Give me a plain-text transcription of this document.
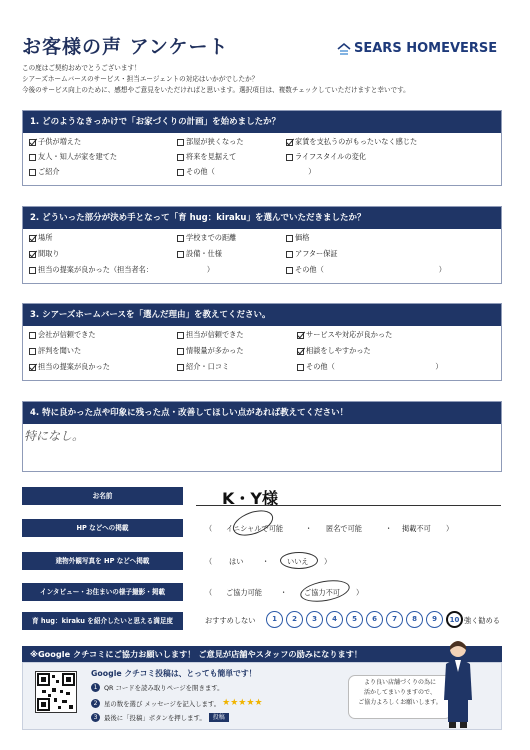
お客様の声 アンケート	SEARS HOMEVERSE
この度はご契約おめでとうございます！
シアーズホームバースのサービス・担当エージェントの対応はいかがでしたか？
今後のサービス向上のために、感想やご意見をいただければと思います。選択項目は、複数チェックしていただけますと幸いです。
1. どのようなきっかけで「お家づくりの計画」を始めましたか？
子供が増えた	部屋が狭くなった	家賃を支払うのがもったいなく感じた
友人・知人が家を建てた	将来を見据えて	ライフスタイルの変化
ご紹介	その他（　　　　　　　　　　　　　）
2. どういった部分が決め手となって「育 hug：kiraku」を選んでいただきましたか？
場所	学校までの距離	価格
間取り	設備・仕様	アフター保証
担当の提案が良かった（担当者名：　　　　　　　　）	その他（　　　　　　　　　　　　　　　　）
3. シアーズホームバースを「選んだ理由」を教えてください。
会社が信頼できた	担当が信頼できた	サービスや対応が良かった
評判を聞いた	情報量が多かった	相談をしやすかった
担当の提案が良かった	紹介・口コミ	その他（　　　　　　　　　　　　　　）
4. 特に良かった点や印象に残った点・改善してほしい点があれば教えてください！
特になし。
お名前	K・Y様
HP などへの掲載	（ イニシャルで可能	・ 匿名で可能	・ 掲載不可 ）
建物外観写真を HP などへ掲載	（ はい	・ いいえ ）
インタビュー・お住まいの様子撮影・掲載	（ ご協力可能	・ ご協力不可 ）
育 hug：kiraku を紹介したいと思える満足度	おすすめしない	1	2	3	4	5	6	7	8	9	10 強く勧める
※Google クチコミにご協力お願いします！ ご意見が店舗やスタッフの励みになります！
Google クチコミ投稿は、とっても簡単です！
1	QR コードを読み取りページを開きます。
2	星の数を選び メッセージを記入します。 ★★★★★
3	最後に「投稿」ボタンを押します。	投稿
より良い店舗づくりの為に
活かしてまいりますので、
ご協力よろしくお願いします。
